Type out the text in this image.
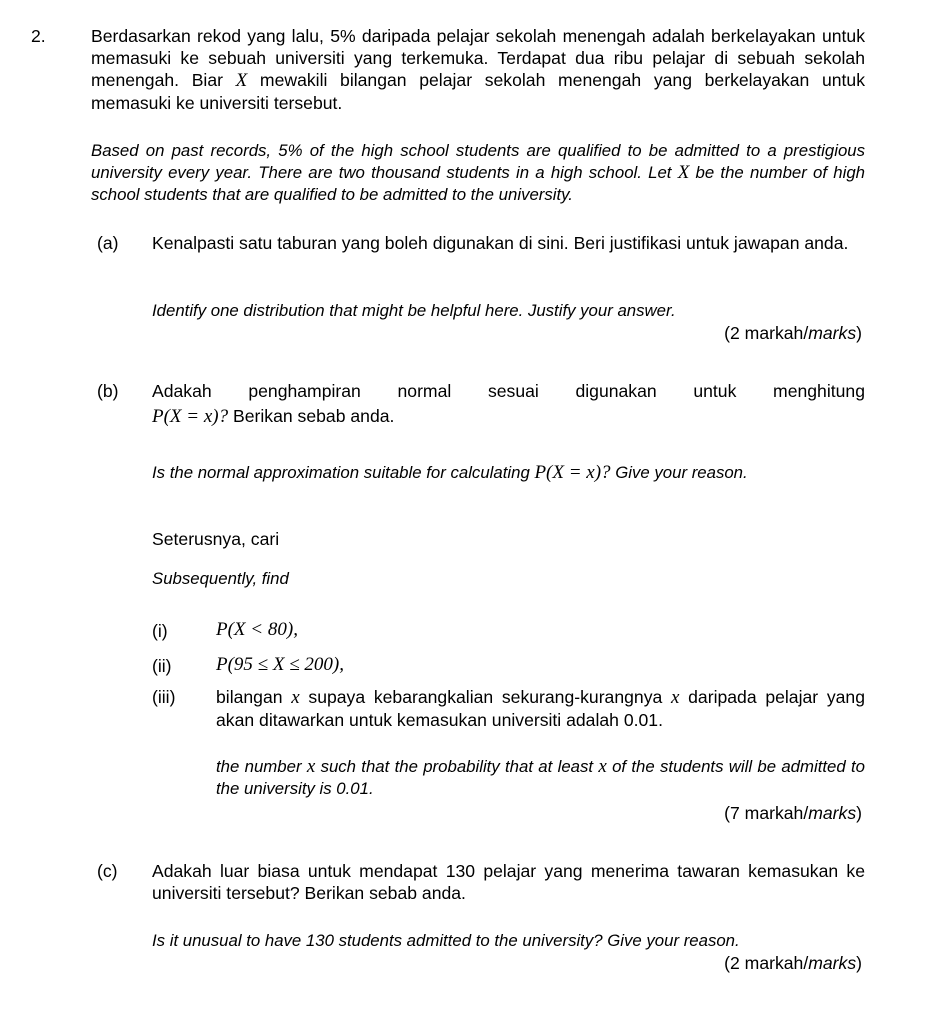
2.	Berdasarkan rekod yang lalu, 5% daripada pelajar sekolah menengah adalah berkelayakan untuk memasuki ke sebuah universiti yang terkemuka. Terdapat dua ribu pelajar di sebuah sekolah menengah. Biar X mewakili bilangan pelajar sekolah menengah yang berkelayakan untuk memasuki ke universiti tersebut.

Based on past records, 5% of the high school students are qualified to be admitted to a prestigious university every year. There are two thousand students in a high school. Let X be the number of high school students that are qualified to be admitted to the university.

(a) Kenalpasti satu taburan yang boleh digunakan di sini. Beri justifikasi untuk jawapan anda.

Identify one distribution that might be helpful here. Justify your answer.

(2 markah/marks)
(b) Adakah penghampiran normal sesuai digunakan untuk menghitung

P(X = x)? Berikan sebab anda.

Is the normal approximation suitable for calculating P(X = x)? Give your reason.

Seterusnya, cari

Subsequently, find

(i)	P(X < 80),
(ii) P(95 ≤ X ≤ 200),
(iii) bilangan x supaya kebarangkalian sekurang-kurangnya x daripada pelajar yang akan ditawarkan untuk kemasukan universiti adalah 0.01.

the number x such that the probability that at least x of the students will be admitted to the university is 0.01.

(7 markah/marks)
(c) Adakah luar biasa untuk mendapat 130 pelajar yang menerima tawaran kemasukan ke universiti tersebut? Berikan sebab anda.

Is it unusual to have 130 students admitted to the university? Give your reason.

(2 markah/marks)
